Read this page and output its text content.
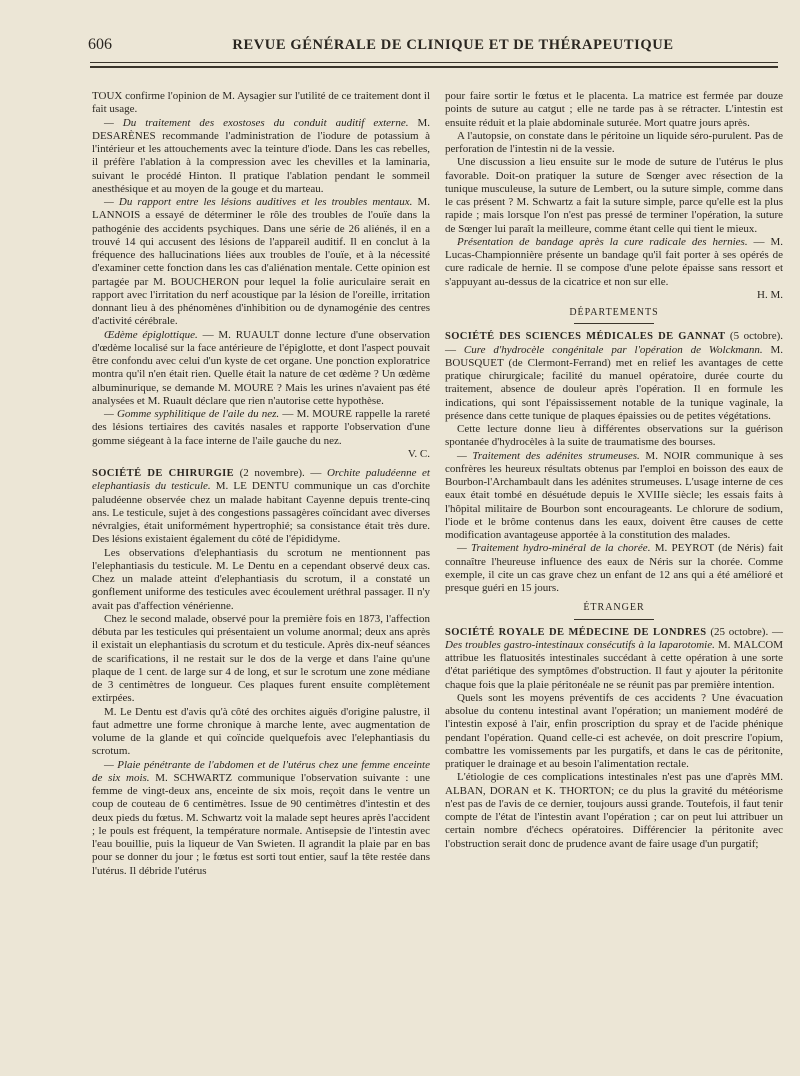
606	REVUE GÉNÉRALE DE CLINIQUE ET DE THÉRAPEUTIQUE

TOUX confirme l'opinion de M. Aysagier sur l'utilité de ce traitement dont il fait usage.

— Du traitement des exostoses du conduit auditif externe. M. DESARÈNES recommande l'administration de l'iodure de potassium à l'intérieur et les attouchements avec la teinture d'iode. Dans les cas rebelles, il préfère l'ablation à la compression avec les chevilles et la laminaria, suivant le procédé Hinton. Il pratique l'ablation pendant le sommeil anesthésique et au moyen de la gouge et du marteau.

— Du rapport entre les lésions auditives et les troubles mentaux. M. LANNOIS a essayé de déterminer le rôle des troubles de l'ouïe dans la pathogénie des accidents psychiques. Dans une série de 26 aliénés, il en a trouvé 14 qui accusent des lésions de l'appareil auditif. Il en conclut à la fréquence des hallucinations liées aux troubles de l'ouïe, et à la nécessité d'examiner cette fonction dans les cas d'aliénation mentale. Cette opinion est partagée par M. BOUCHERON pour lequel la folie auriculaire serait en rapport avec l'irritation du nerf acoustique par la lésion de l'oreille, irritation donnant lieu à des phénomènes d'inhibition ou de dynamogénie des centres d'activité cérébrale.

Œdème épiglottique. — M. RUAULT donne lecture d'une observation d'œdème localisé sur la face antérieure de l'épiglotte, et dont l'aspect pouvait être confondu avec celui d'un kyste de cet organe. Une ponction exploratrice montra qu'il n'en était rien. Quelle était la nature de cet œdème ? Un œdème albuminurique, se demande M. MOURE ? Mais les urines n'avaient pas été analysées et M. Ruault déclare que rien n'autorise cette hypothèse.

— Gomme syphilitique de l'aile du nez. — M. MOURE rappelle la rareté des lésions tertiaires des cavités nasales et rapporte l'observation d'une gomme siégeant à la face interne de l'aile gauche du nez.

V. C.

SOCIÉTÉ DE CHIRURGIE (2 novembre). — Orchite paludéenne et elephantiasis du testicule. M. LE DENTU communique un cas d'orchite paludéenne observée chez un malade habitant Cayenne depuis trente-cinq ans. Le testicule, sujet à des congestions passagères coïncidant avec diverses névralgies, était uniformément hypertrophié; sa consistance était très dure. Des lésions existaient également du côté de l'épididyme.

Les observations d'elephantiasis du scrotum ne mentionnent pas l'elephantiasis du testicule. M. Le Dentu en a cependant observé deux cas. Chez un malade atteint d'elephantiasis du scrotum, il a constaté un gonflement uniforme des testicules avec écoulement uréthral passager. Il n'y avait pas d'affection vénérienne.

Chez le second malade, observé pour la première fois en 1873, l'affection débuta par les testicules qui présentaient un volume anormal; deux ans après il existait un elephantiasis du scrotum et du testicule. Après dix-neuf séances de scarifications, il ne restait sur le dos de la verge et dans l'aine qu'une plaque de 1 cent. de large sur 4 de long, et sur le scrotum une zone médiane de 3 centimètres de longueur. Ces plaques furent ensuite complètement extirpées.

M. Le Dentu est d'avis qu'à côté des orchites aiguës d'origine palustre, il faut admettre une forme chronique à marche lente, avec augmentation de volume de la glande et qui coïncide quelquefois avec l'elephantiasis du scrotum.

— Plaie pénétrante de l'abdomen et de l'utérus chez une femme enceinte de six mois. M. SCHWARTZ communique l'observation suivante : une femme de vingt-deux ans, enceinte de six mois, reçoit dans le ventre un coup de couteau de 6 centimètres. Issue de 90 centimètres d'intestin et des deux pieds du fœtus. M. Schwartz voit la malade sept heures après l'accident ; le pouls est fréquent, la température normale. Antisepsie de l'intestin avec l'eau bouillie, puis la liqueur de Van Swieten. Il agrandit la plaie par en bas pour se donner du jour ; le fœtus est sorti tout entier, sauf la tête restée dans l'utérus. Il débride l'utérus

pour faire sortir le fœtus et le placenta. La matrice est fermée par douze points de suture au catgut ; elle ne tarde pas à se rétracter. L'intestin est ensuite réduit et la plaie abdominale suturée. Mort quatre jours après.

A l'autopsie, on constate dans le péritoine un liquide séro-purulent. Pas de perforation de l'intestin ni de la vessie.

Une discussion a lieu ensuite sur le mode de suture de l'utérus le plus favorable. Doit-on pratiquer la suture de Sœnger avec résection de la tunique musculeuse, la suture de Lembert, ou la suture simple, comme dans le cas présent ? M. Schwartz a fait la suture simple, parce qu'elle est la plus rapide ; mais lorsque l'on n'est pas pressé de terminer l'opération, la suture de Sœnger lui paraît la meilleure, comme étant celle qui tient le mieux.

Présentation de bandage après la cure radicale des hernies. — M. Lucas-Championnière présente un bandage qu'il fait porter à ses opérés de cure radicale de hernie. Il se compose d'une pelote épaisse sans ressort et s'appuyant au-dessus de la cicatrice et non sur elle.

H. M.
DÉPARTEMENTS

SOCIÉTÉ DES SCIENCES MÉDICALES DE GANNAT (5 octobre). — Cure d'hydrocèle congénitale par l'opération de Wolckmann. M. BOUSQUET (de Clermont-Ferrand) met en relief les avantages de cette pratique chirurgicale; facilité du manuel opératoire, durée courte du traitement, absence de douleur après l'opération. Il en formule les indications, qui sont l'épaississement notable de la tunique vaginale, la présence dans cette tunique de plaques épaissies ou de petites végétations.

Cette lecture donne lieu à différentes observations sur la guérison spontanée d'hydrocèles à la suite de traumatisme des bourses.

— Traitement des adénites strumeuses. M. NOIR communique à ses confrères les heureux résultats obtenus par l'emploi en boisson des eaux de Bourbon-l'Archambault dans les adénites strumeuses. L'usage interne de ces eaux était tombé en désuétude depuis le XVIIIe siècle; les essais faits à l'hôpital militaire de Bourbon sont encourageants. Le chlorure de sodium, l'iode et le brôme contenus dans les eaux, doivent être causes de cette modification avantageuse apportée à la constitution des malades.

— Traitement hydro-minéral de la chorée. M. PEYROT (de Néris) fait connaître l'heureuse influence des eaux de Néris sur la chorée. Comme exemple, il cite un cas grave chez un enfant de 12 ans qui a été amélioré et presque guéri en 15 jours.

ÉTRANGER

SOCIÉTÉ ROYALE DE MÉDECINE DE LONDRES (25 octobre). — Des troubles gastro-intestinaux consécutifs à la laparotomie. M. MALCOM attribue les flatuosités intestinales succédant à cette opération à une sorte d'état pariétique des symptômes d'obstruction. Il faut y ajouter la péritonite chaque fois que la plaie péritonéale ne se réunit pas par première intention.

Quels sont les moyens préventifs de ces accidents ? Une évacuation absolue du contenu intestinal avant l'opération; un maniement modéré de l'intestin exposé à l'air, enfin proscription du spray et de l'acide phénique pendant l'opération. Quand celle-ci est achevée, on doit prescrire l'opium, combattre les vomissements par les purgatifs, et dans le cas de péritonite, pratiquer le drainage et au besoin l'alimentation rectale.

L'étiologie de ces complications intestinales n'est pas une d'après MM. ALBAN, DORAN et K. THORTON; ce du plus la gravité du météorisme n'est pas de l'avis de ce dernier, toujours aussi grande. Toutefois, il faut tenir compte de l'état de l'intestin avant l'opération ; car on peut lui attribuer un certain nombre d'échecs opératoires. Différencier la péritonite avec l'obstruction serait donc de prudence avant de faire usage d'un purgatif;
